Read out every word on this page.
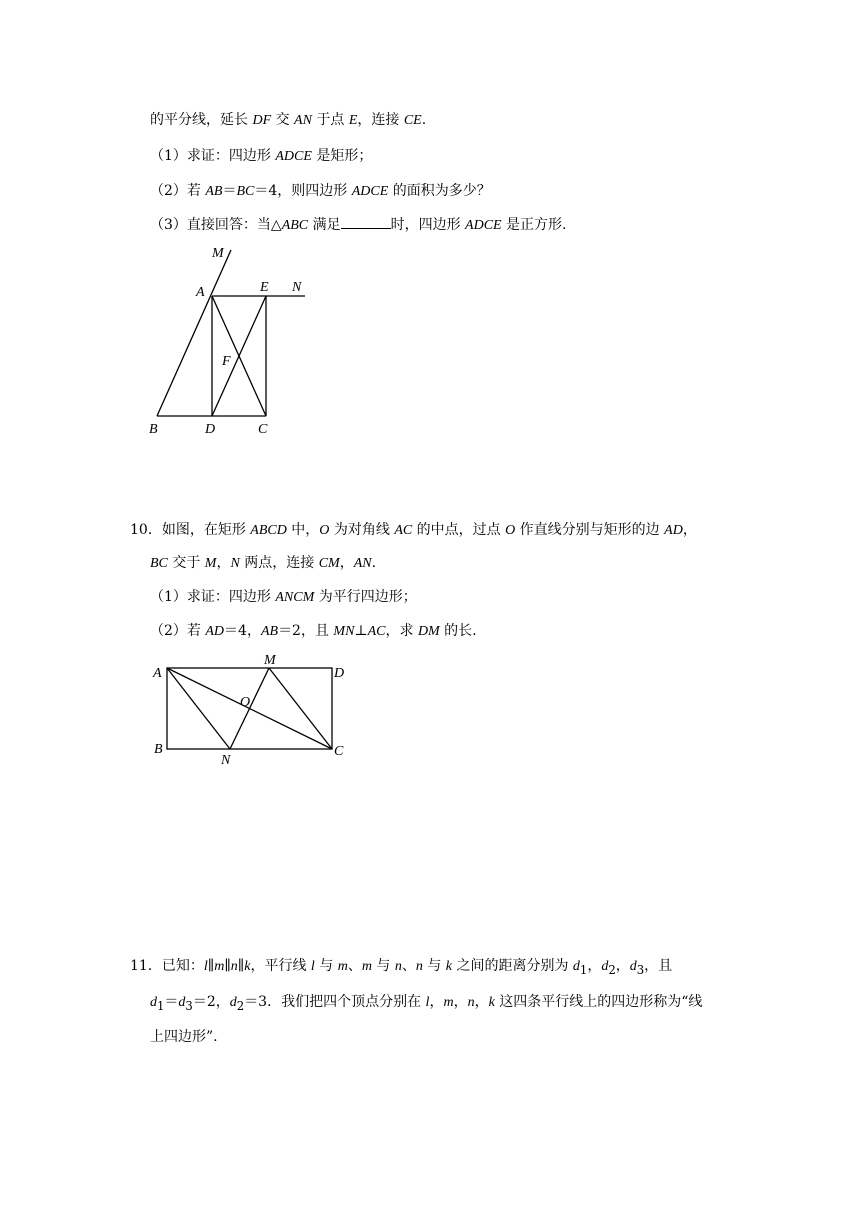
的平分线，延长 DF 交 AN 于点 E，连接 CE.
（1）求证：四边形 ADCE 是矩形；
（2）若 AB＝BC＝4，则四边形 ADCE 的面积为多少？
（3）直接回答：当△ABC 满足	时，四边形 ADCE 是正方形.
M
A	E N
F
B	D	C
10．如图，在矩形 ABCD 中，O 为对角线 AC 的中点，过点 O 作直线分别与矩形的边 AD，
BC 交于 M，N 两点，连接 CM，AN.
（1）求证：四边形 ANCM 为平行四边形；
（2）若 AD＝4，AB＝2，且 MN⊥AC，求 DM 的长.
A
M
D
O
B
N
C
11．已知：l∥m∥n∥k，平行线 l 与 m、m 与 n、n 与 k 之间的距离分别为 $d_1$，$d_2$，$d_3$，且
$d_1=d_3=2$，$d_2=3$．我们把四个顶点分别在 l，m，n，k 这四条平行线上的四边形称为“线
上四边形”.
